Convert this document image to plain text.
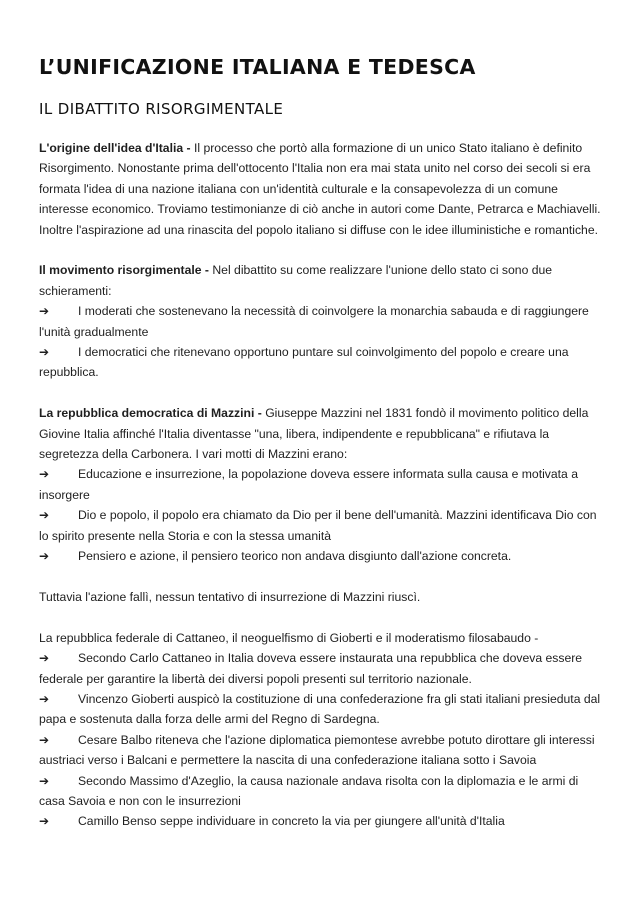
L’UNIFICAZIONE ITALIANA E TEDESCA
IL DIBATTITO RISORGIMENTALE

L'origine dell'idea d'Italia - Il processo che portò alla formazione di un unico Stato italiano è definito Risorgimento. Nonostante prima dell'ottocento l'Italia non era mai stata unito nel corso dei secoli si era formata l'idea di una nazione italiana con un'identità culturale e la consapevolezza di un comune interesse economico. Troviamo testimonianze di ciò anche in autori come Dante, Petrarca e Machiavelli. Inoltre l'aspirazione ad una rinascita del popolo italiano si diffuse con le idee illuministiche e romantiche.

Il movimento risorgimentale - Nel dibattito su come realizzare l'unione dello stato ci sono due schieramenti:

➔ I moderati che sostenevano la necessità di coinvolgere la monarchia sabauda e di raggiungere l'unità gradualmente

➔ I democratici che ritenevano opportuno puntare sul coinvolgimento del popolo e creare una repubblica.

La repubblica democratica di Mazzini - Giuseppe Mazzini nel 1831 fondò il movimento politico della Giovine Italia affinché l'Italia diventasse "una, libera, indipendente e repubblicana" e rifiutava la segretezza della Carbonera. I vari motti di Mazzini erano:

➔ Educazione e insurrezione, la popolazione doveva essere informata sulla causa e motivata a insorgere

➔ Dio e popolo, il popolo era chiamato da Dio per il bene dell'umanità. Mazzini identificava Dio con lo spirito presente nella Storia e con la stessa umanità

➔ Pensiero e azione, il pensiero teorico non andava disgiunto dall'azione concreta.

Tuttavia l'azione fallì, nessun tentativo di insurrezione di Mazzini riuscì.

La repubblica federale di Cattaneo, il neoguelfismo di Gioberti e il moderatismo filosabaudo -

➔ Secondo Carlo Cattaneo in Italia doveva essere instaurata una repubblica che doveva essere federale per garantire la libertà dei diversi popoli presenti sul territorio nazionale.

➔ Vincenzo Gioberti auspicò la costituzione di una confederazione fra gli stati italiani presieduta dal papa e sostenuta dalla forza delle armi del Regno di Sardegna.

➔ Cesare Balbo riteneva che l'azione diplomatica piemontese avrebbe potuto dirottare gli interessi austriaci verso i Balcani e permettere la nascita di una confederazione italiana sotto i Savoia

➔ Secondo Massimo d'Azeglio, la causa nazionale andava risolta con la diplomazia e le armi di casa Savoia e non con le insurrezioni

➔ Camillo Benso seppe individuare in concreto la via per giungere all'unità d'Italia
